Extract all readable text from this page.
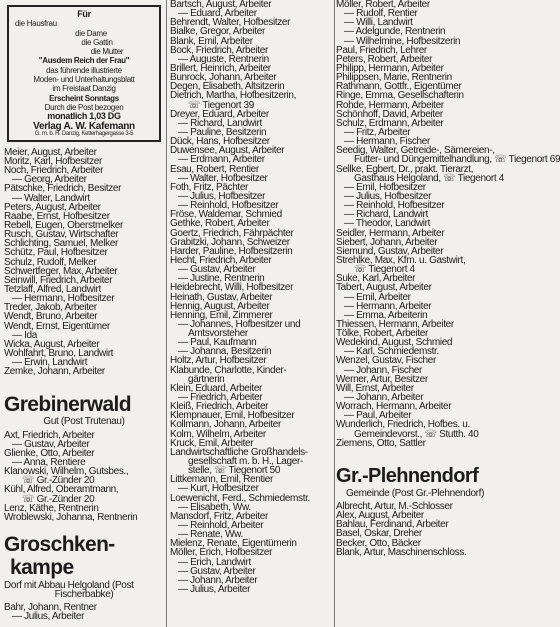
Für
die Hausfrau
die Dame
die Gattin
die Mutter
"Ausdem Reich der Frau"
das führende illustrierte
Moden- und Unterhaltungsblatt
im Freistaat Danzig
Erscheint Sonntags
Durch die Post bezogen
monatlich 1,03 DG
Verlag A. W. Kafemann
G. m. b. H. Danzig, Ketterhagergasse 3-5
Meier, August, Arbeiter
Moritz, Karl, Hofbesitzer
Noch, Friedrich, Arbeiter
— Georg, Arbeiter
Pätschke, Friedrich, Besitzer
— Walter, Landwirt
Peters, August, Arbeiter
Raabe, Ernst, Hofbesitzer
Rebell, Eugen, Oberstmelker
Rusch, Gustav, Wirtschafter
Schlichting, Samuel, Melker
Schütz, Paul, Hofbesitzer
Schulz, Rudolf, Melker
Schwertfeger, Max, Arbeiter
Seinwill, Friedrich, Arbeiter
Tetzlaff, Alfred, Landwirt
— Hermann, Hofbesitzer
Treder, Jakob, Arbeiter
Wendt, Bruno, Arbeiter
Wendt, Ernst, Eigentümer
— Ida
Wicka, August, Arbeiter
Wohlfahrt, Bruno, Landwirt
— Erwin, Landwirt
Zemke, Johann, Arbeiter
Grebinerwald
Gut (Post Trutenau)
Axt, Friedrich, Arbeiter
— Gustav, Arbeiter
Glienke, Otto, Arbeiter
— Anna, Rentiere
Klanowski, Wilhelm, Gutsbes.,
☏ Gr.-Zünder 20
Kühl, Alfred, Oberamtmann,
☏ Gr.-Zünder 20
Lenz, Käthe, Rentnerin
Wroblewski, Johanna, Rentnerin
Groschken-
kampe
Dorf mit Abbau Helgoland (Post
Fischerbabke)
Bahr, Johann, Rentner
— Julius, Arbeiter
Bartsch, August, Arbeiter
— Eduard, Arbeiter
Behrendt, Walter, Hofbesitzer
Bialke, Gregor, Arbeiter
Blank, Emil, Arbeiter
Bock, Friedrich, Arbeiter
— Auguste, Rentnerin
Brillert, Heinrich, Arbeiter
Bunrock, Johann, Arbeiter
Degen, Elisabeth, Altsitzerin
Dietrich, Martha, Hofbesitzerin,
☏ Tiegenort 39
Dreyer, Eduard, Arbeiter
— Richard, Landwirt
— Pauline, Besitzerin
Dück, Hans, Hofbesitzer
Duwensee, August, Arbeiter
— Erdmann, Arbeiter
Esau, Robert, Rentier
— Walter, Hofbesitzer
Foth, Fritz, Pächter
— Julius, Hofbesitzer
— Reinhold, Hofbesitzer
Fröse, Waldemar, Schmied
Gethke, Robert, Arbeiter
Goertz, Friedrich, Fährpächter
Grabitzki, Johann, Schweizer
Harder, Pauline, Hofbesitzerin
Hecht, Friedrich, Arbeiter
— Gustav, Arbeiter
— Justine, Rentnerin
Heidebrecht, Willi, Hofbesitzer
Heinath, Gustav, Arbeiter
Hennig, August, Arbeiter
Henning, Emil, Zimmerer
— Johannes, Hofbesitzer und
Amtsvorsteher
— Paul, Kaufmann
— Johanna, Besitzerin
Holtz, Artur, Hofbesitzer
Klabunde, Charlotte, Kinder-
gärtnerin
Klein, Eduard, Arbeiter
— Friedrich, Arbeiter
Kleiß, Friedrich, Arbeiter
Klempnauer, Emil, Hofbesitzer
Kollmann, Johann, Arbeiter
Kolm, Wilhelm, Arbeiter
Kruck, Emil, Arbeiter
Landwirtschaftliche Großhandels-
gesellschaft m. b. H., Lager-
stelle, ☏ Tiegenort 50
Littkemann, Emil, Rentier
— Kurt, Hofbesitzer
Loewenicht, Ferd., Schmiedemstr.
— Elisabeth, Ww.
Mansdorf, Fritz, Arbeiter
— Reinhold, Arbeiter
— Renate, Ww.
Mielenz, Renate, Eigentümerin
Möller, Erich, Hofbesitzer
— Erich, Landwirt
— Gustav, Arbeiter
— Johann, Arbeiter
— Julius, Arbeiter
Möller, Robert, Arbeiter
— Rudolf, Rentier
— Willi, Landwirt
— Adelgunde, Rentnerin
— Wilhelmine, Hofbesitzerin
Paul, Friedrich, Lehrer
Peters, Robert, Arbeiter
Philipp, Hermann, Arbeiter
Philippsen, Marie, Rentnerin
Rathmann, Gottfr., Eigentümer
Ringe, Emma, Gesellschafterin
Rohde, Hermann, Arbeiter
Schönhoff, David, Arbeiter
Schulz, Erdmann, Arbeiter
— Fritz, Arbeiter
— Hermann, Fischer
Seedig, Walter, Getreide-, Sämereien-,
Futter- und Düngemittelhandlung, ☏ Tiegenort 69
Sellke, Egbert, Dr., prakt. Tierarzt,
Gasthaus Helgoland, ☏ Tiegenort 4
— Emil, Hofbesitzer
— Julius, Hofbesitzer
— Reinhold, Hofbesitzer
— Richard, Landwirt
— Theodor, Landwirt
Seidler, Hermann, Arbeiter
Siebert, Johann, Arbeiter
Siemund, Gustav, Arbeiter
Strehlke, Max, Kfm. u. Gastwirt,
☏ Tiegenort 4
Suke, Karl, Arbeiter
Tabert, August, Arbeiter
— Emil, Arbeiter
— Hermann, Arbeiter
— Emma, Arbeiterin
Thiessen, Hermann, Arbeiter
Tölke, Robert, Arbeiter
Wedekind, August, Schmied
— Karl, Schmiedemstr.
Wenzel, Gustav, Fischer
— Johann, Fischer
Werner, Artur, Besitzer
Will, Ernst, Arbeiter
— Johann, Arbeiter
Worrach, Hermann, Arbeiter
— Paul, Arbeiter
Wunderlich, Friedrich, Hofbes. u.
Gemeindevorst., ☏ Stutth. 40
Ziemens, Otto, Sattler
Gr.-Plehnendorf
Gemeinde (Post Gr.-Plehnendorf)
Albrecht, Artur, M.-Schlosser
Alex, August, Arbeiter
Bahlau, Ferdinand, Arbeiter
Basel, Oskar, Dreher
Becker, Otto, Bäcker
Blank, Artur, Maschinenschloss.
